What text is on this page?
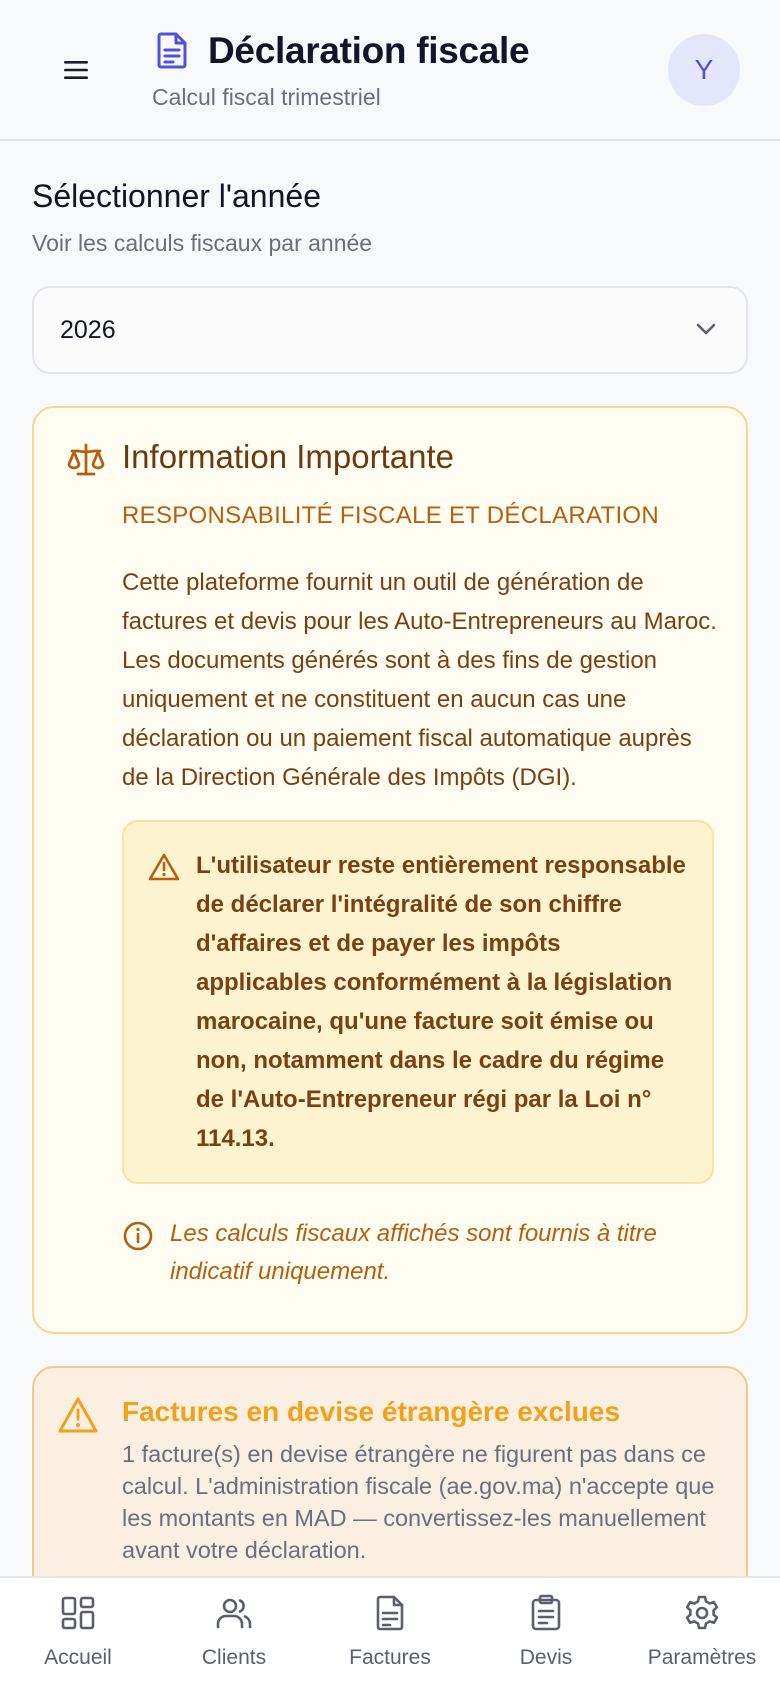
Déclaration fiscale
Calcul fiscal trimestriel
Y
Sélectionner l'année
Voir les calculs fiscaux par année
2026
Information Importante
RESPONSABILITÉ FISCALE ET DÉCLARATION
Cette plateforme fournit un outil de génération de factures et devis pour les Auto-Entrepreneurs au Maroc. Les documents générés sont à des fins de gestion uniquement et ne constituent en aucun cas une déclaration ou un paiement fiscal automatique auprès de la Direction Générale des Impôts (DGI).
L'utilisateur reste entièrement responsable de déclarer l'intégralité de son chiffre d'affaires et de payer les impôts applicables conformément à la législation marocaine, qu'une facture soit émise ou non, notamment dans le cadre du régime de l'Auto-Entrepreneur régi par la Loi n° 114.13.
Les calculs fiscaux affichés sont fournis à titre indicatif uniquement.
Factures en devise étrangère exclues
1 facture(s) en devise étrangère ne figurent pas dans ce calcul. L'administration fiscale (ae.gov.ma) n'accepte que les montants en MAD — convertissez-les manuellement avant votre déclaration.
Accueil	Clients	Factures	Devis	Paramètres
